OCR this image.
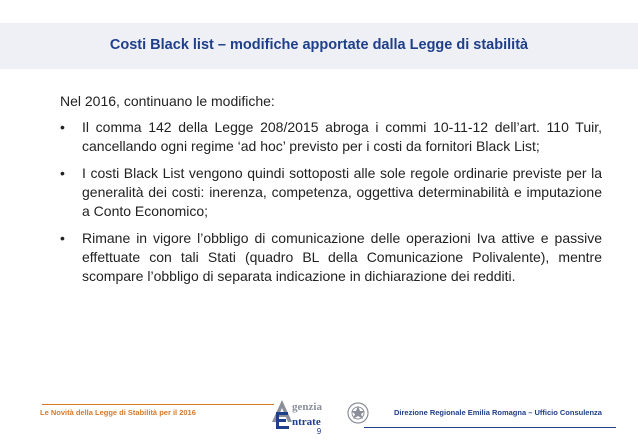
Costi Black list – modifiche apportate dalla Legge di stabilità

Nel 2016, continuano le modifiche:

• Il comma 142 della Legge 208/2015 abroga i commi 10-11-12 dell’art. 110 Tuir, cancellando ogni regime ‘ad hoc’ previsto per i costi da fornitori Black List;
• I costi Black List vengono quindi sottoposti alle sole regole ordinarie previste per la generalità dei costi: inerenza, competenza, oggettiva determinabilità e imputazione a Conto Economico;
• Rimane in vigore l’obbligo di comunicazione delle operazioni Iva attive e passive effettuate con tali Stati (quadro BL della Comunicazione Polivalente), mentre scompare l’obbligo di separata indicazione in dichiarazione dei redditi.
Le Novità della Legge di Stabilità per il 2016	Direzione Regionale Emilia Romagna – Ufficio Consulenza
genzia
ntrate
9
